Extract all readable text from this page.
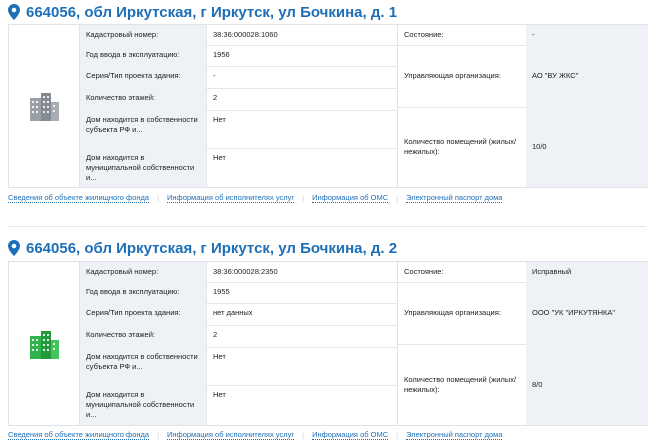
664056, обл Иркутская, г Иркутск, ул Бочкина, д. 1
Кадастровый номер:	38:36:000028:1060
Год ввода в эксплуатацию:	1956
Серия/Тип проекта здания:	-
Количество этажей:	2
Дом находится в собственности субъекта РФ и...
Нет
Дом находится в муниципальной собственности и...
Нет
Состояние:	-
Управляющая организация:	АО "ВУ ЖКС"
Количество помещений (жилых/нежилых):
10/0
Сведения об объекте жилищного фонда | Информация об исполнителях услуг | Информация об ОМС | Электронный паспорт дома
664056, обл Иркутская, г Иркутск, ул Бочкина, д. 2
Кадастровый номер:	38:36:000028:2350
Год ввода в эксплуатацию:	1955
Серия/Тип проекта здания:	нет данных
Количество этажей:	2
Дом находится в собственности субъекта РФ и...
Нет
Дом находится в муниципальной собственности и...
Нет
Состояние:	Исправный
Управляющая организация:	ООО "УК "ИРКУТЯНКА"
Количество помещений (жилых/нежилых):
8/0
Сведения об объекте жилищного фонда | Информация об исполнителях услуг | Информация об ОМС | Электронный паспорт дома
